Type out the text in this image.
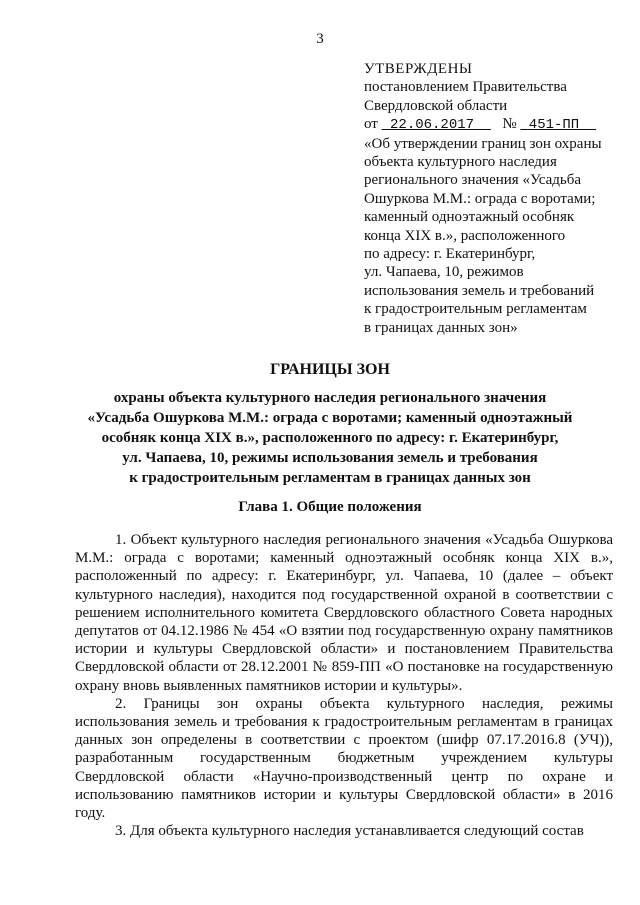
3
УТВЕРЖДЕНЫ
постановлением Правительства
Свердловской области
от  22.06.2017    №  451-ПП
«Об утверждении границ зон охраны
объекта культурного наследия
регионального значения «Усадьба
Ошуркова М.М.: ограда с воротами;
каменный одноэтажный особняк
конца XIX в.», расположенного
по адресу: г. Екатеринбург,
ул. Чапаева, 10, режимов
использования земель и требований
к градостроительным регламентам
в границах данных зон»
ГРАНИЦЫ ЗОН
охраны объекта культурного наследия регионального значения
«Усадьба Ошуркова М.М.: ограда с воротами; каменный одноэтажный
особняк конца XIX в.», расположенного по адресу: г. Екатеринбург,
ул. Чапаева, 10, режимы использования земель и требования
к градостроительным регламентам в границах данных зон
Глава 1. Общие положения

1. Объект культурного наследия регионального значения «Усадьба Ошуркова М.М.: ограда с воротами; каменный одноэтажный особняк конца XIX в.», расположенный по адресу: г. Екатеринбург, ул. Чапаева, 10 (далее – объект культурного наследия), находится под государственной охраной в соответствии с решением исполнительного комитета Свердловского областного Совета народных депутатов от 04.12.1986 № 454 «О взятии под государственную охрану памятников истории и культуры Свердловской области» и постановлением Правительства Свердловской области от 28.12.2001 № 859-ПП «О постановке на государственную охрану вновь выявленных памятников истории и культуры».

2. Границы зон охраны объекта культурного наследия, режимы использования земель и требования к градостроительным регламентам в границах данных зон определены в соответствии с проектом (шифр 07.17.2016.8 (УЧ)), разработанным государственным бюджетным учреждением культуры Свердловской области «Научно-производственный центр по охране и использованию памятников истории и культуры Свердловской области» в 2016 году.

3. Для объекта культурного наследия устанавливается следующий состав
